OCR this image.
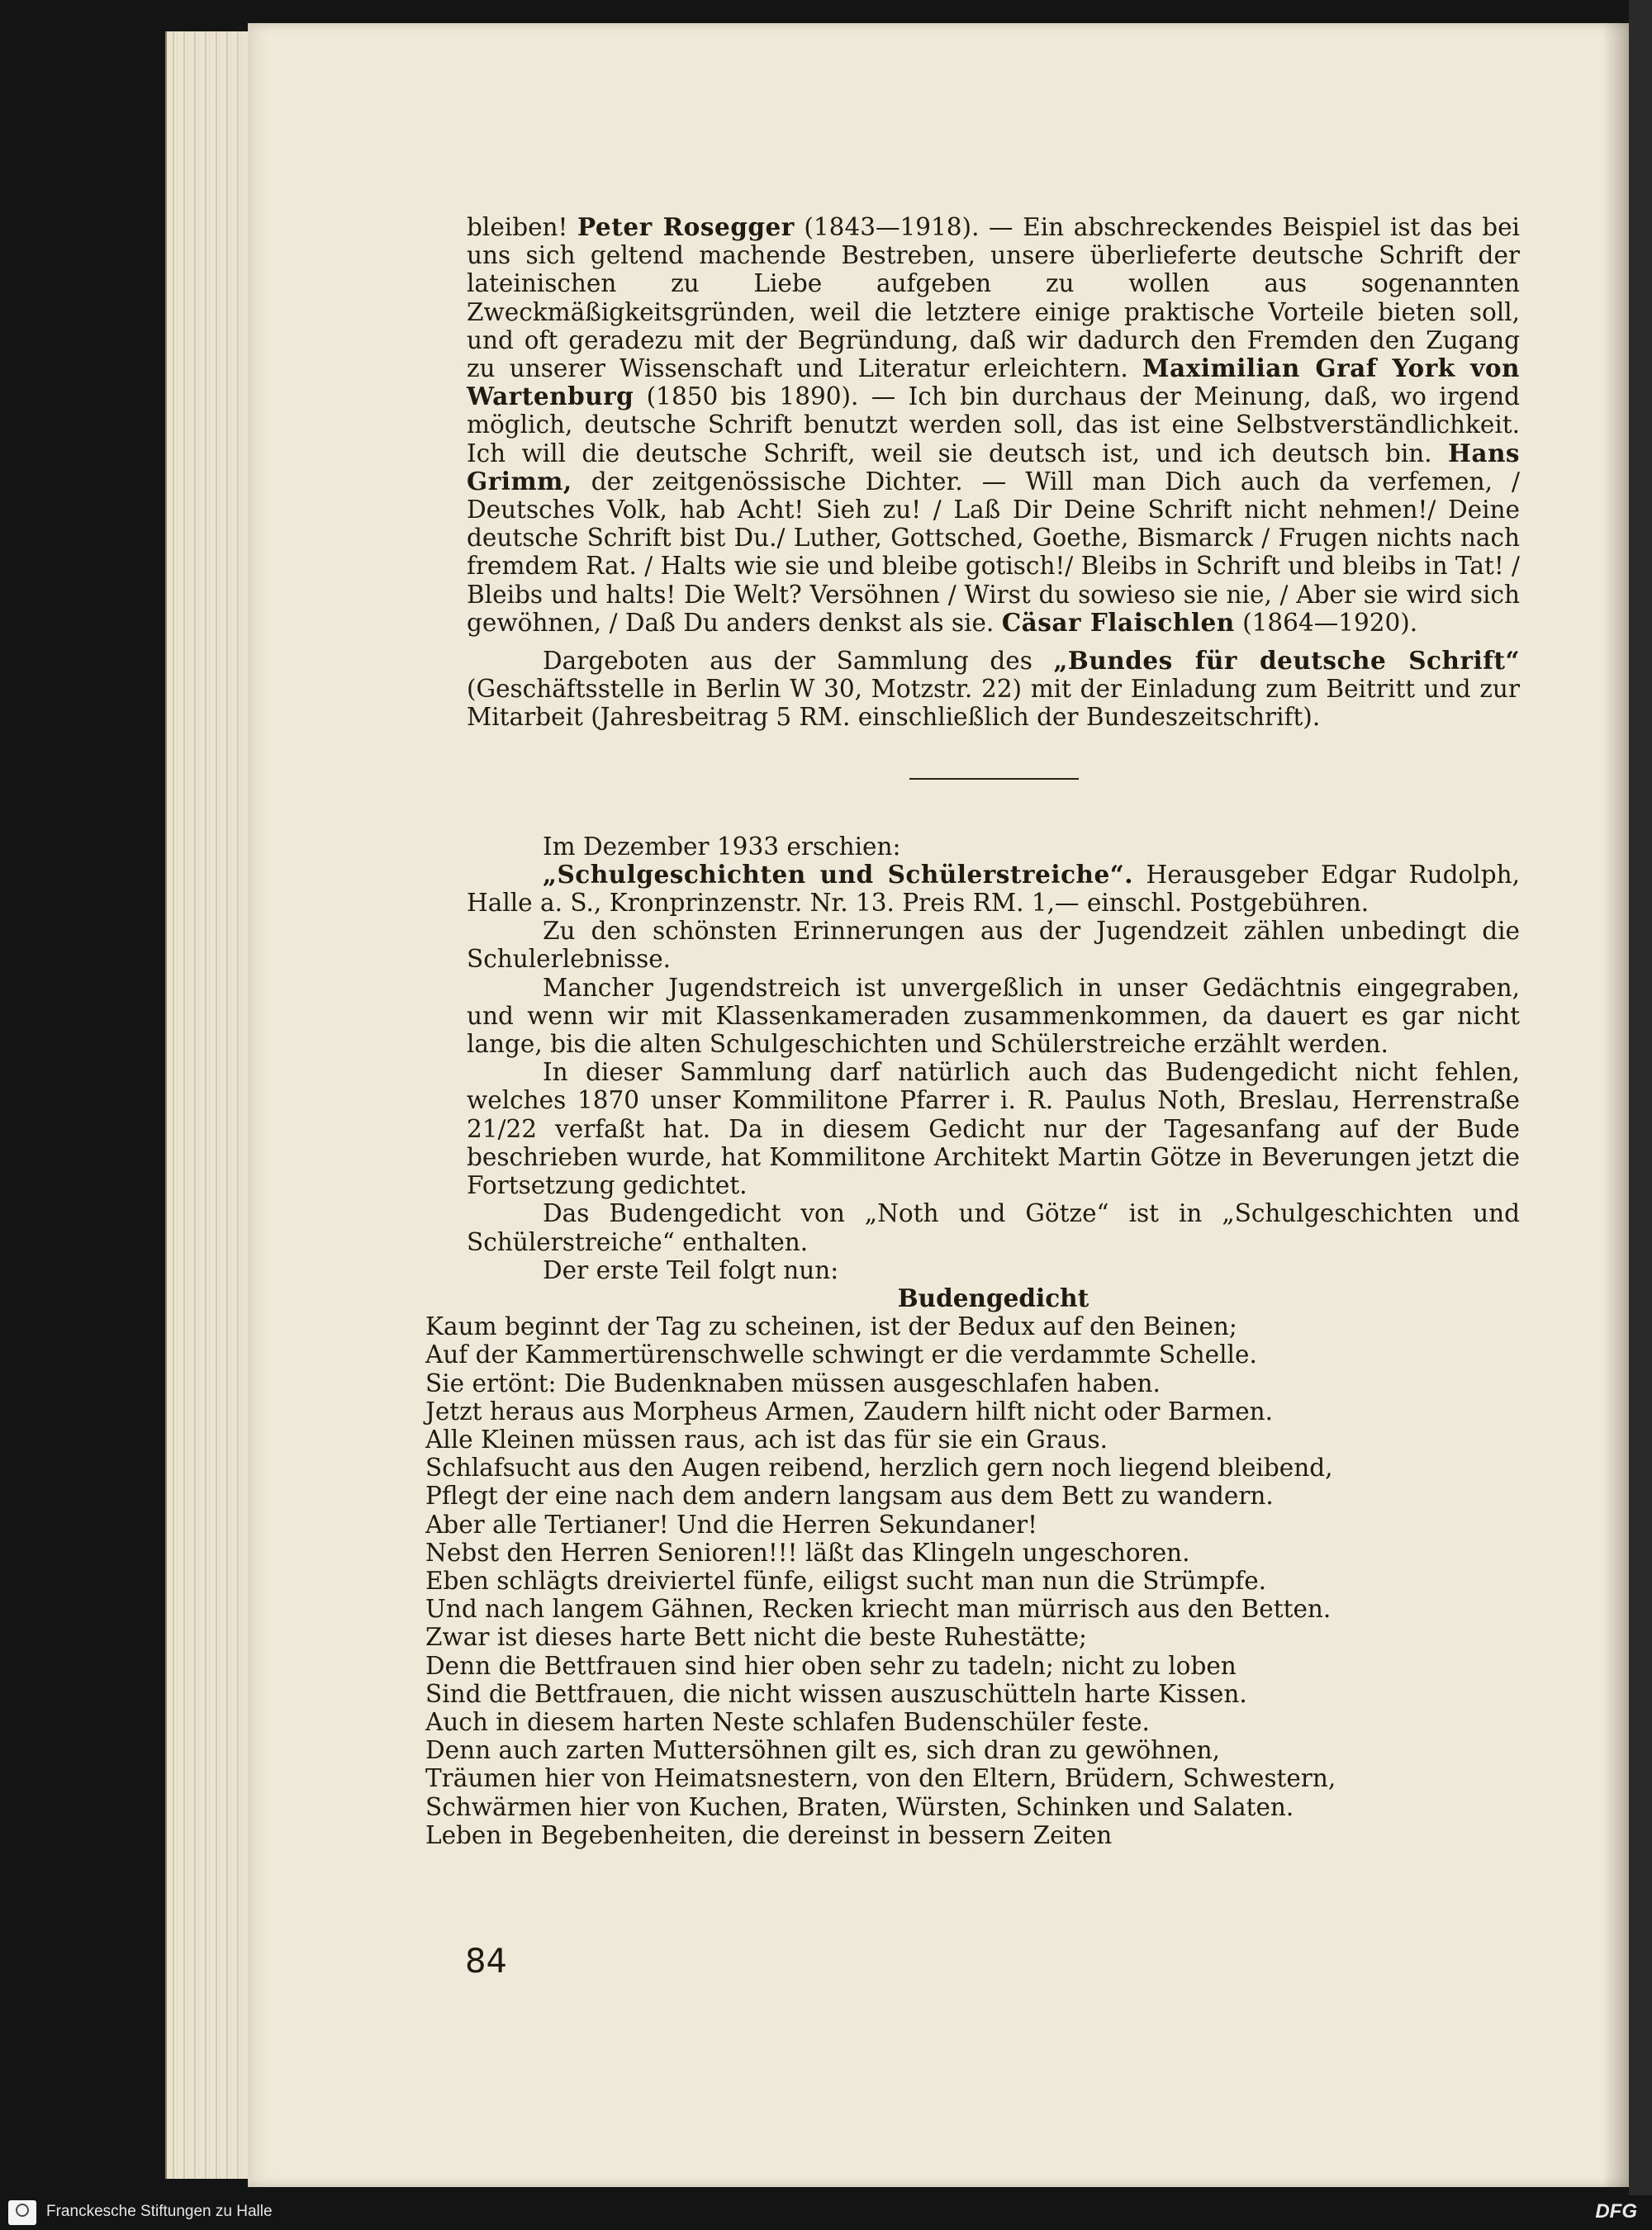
bleiben! Peter Rosegger (1843—1918). — Ein abschreckendes Beispiel ist das bei uns sich geltend machende Bestreben, unsere überlieferte deutsche Schrift der lateinischen zu Liebe aufgeben zu wollen aus sogenannten Zweckmäßigkeitsgründen, weil die letztere einige praktische Vorteile bieten soll, und oft geradezu mit der Begründung, daß wir dadurch den Fremden den Zugang zu unserer Wissenschaft und Literatur erleichtern. Maximilian Graf York von Wartenburg (1850 bis 1890). — Ich bin durchaus der Meinung, daß, wo irgend möglich, deutsche Schrift benutzt werden soll, das ist eine Selbstverständlichkeit. Ich will die deutsche Schrift, weil sie deutsch ist, und ich deutsch bin. Hans Grimm, der zeitgenössische Dichter. — Will man Dich auch da verfemen, / Deutsches Volk, hab Acht! Sieh zu! / Laß Dir Deine Schrift nicht nehmen!/ Deine deutsche Schrift bist Du./ Luther, Gottsched, Goethe, Bismarck / Frugen nichts nach fremdem Rat. / Halts wie sie und bleibe gotisch!/ Bleibs in Schrift und bleibs in Tat! / Bleibs und halts! Die Welt? Versöhnen / Wirst du sowieso sie nie, / Aber sie wird sich gewöhnen, / Daß Du anders denkst als sie. Cäsar Flaischlen (1864—1920).

Dargeboten aus der Sammlung des „Bundes für deutsche Schrift“ (Geschäftsstelle in Berlin W 30, Motzstr. 22) mit der Einladung zum Beitritt und zur Mitarbeit (Jahresbeitrag 5 RM. einschließlich der Bundeszeitschrift).

Im Dezember 1933 erschien:

„Schulgeschichten und Schülerstreiche“. Herausgeber Edgar Rudolph, Halle a. S., Kronprinzenstr. Nr. 13. Preis RM. 1,— einschl. Postgebühren.

Zu den schönsten Erinnerungen aus der Jugendzeit zählen unbedingt die Schulerlebnisse.

Mancher Jugendstreich ist unvergeßlich in unser Gedächtnis eingegraben, und wenn wir mit Klassenkameraden zusammenkommen, da dauert es gar nicht lange, bis die alten Schulgeschichten und Schülerstreiche erzählt werden.

In dieser Sammlung darf natürlich auch das Budengedicht nicht fehlen, welches 1870 unser Kommilitone Pfarrer i. R. Paulus Noth, Breslau, Herrenstraße 21/22 verfaßt hat. Da in diesem Gedicht nur der Tagesanfang auf der Bude beschrieben wurde, hat Kommilitone Architekt Martin Götze in Beverungen jetzt die Fortsetzung gedichtet.

Das Budengedicht von „Noth und Götze“ ist in „Schulgeschichten und Schülerstreiche“ enthalten.

Der erste Teil folgt nun:

Budengedicht

Kaum beginnt der Tag zu scheinen, ist der Bedux auf den Beinen;
Auf der Kammertürenschwelle schwingt er die verdammte Schelle.
Sie ertönt: Die Budenknaben müssen ausgeschlafen haben.
Jetzt heraus aus Morpheus Armen, Zaudern hilft nicht oder Barmen.
Alle Kleinen müssen raus, ach ist das für sie ein Graus.
Schlafsucht aus den Augen reibend, herzlich gern noch liegend bleibend,
Pflegt der eine nach dem andern langsam aus dem Bett zu wandern.
Aber alle Tertianer! Und die Herren Sekundaner!
Nebst den Herren Senioren!!! läßt das Klingeln ungeschoren.
Eben schlägts dreiviertel fünfe, eiligst sucht man nun die Strümpfe.
Und nach langem Gähnen, Recken kriecht man mürrisch aus den Betten.
Zwar ist dieses harte Bett nicht die beste Ruhestätte;
Denn die Bettfrauen sind hier oben sehr zu tadeln; nicht zu loben
Sind die Bettfrauen, die nicht wissen auszuschütteln harte Kissen.
Auch in diesem harten Neste schlafen Budenschüler feste.
Denn auch zarten Muttersöhnen gilt es, sich dran zu gewöhnen,
Träumen hier von Heimatsnestern, von den Eltern, Brüdern, Schwestern,
Schwärmen hier von Kuchen, Braten, Würsten, Schinken und Salaten.
Leben in Begebenheiten, die dereinst in bessern Zeiten
84
Franckesche Stiftungen zu Halle	DFG
